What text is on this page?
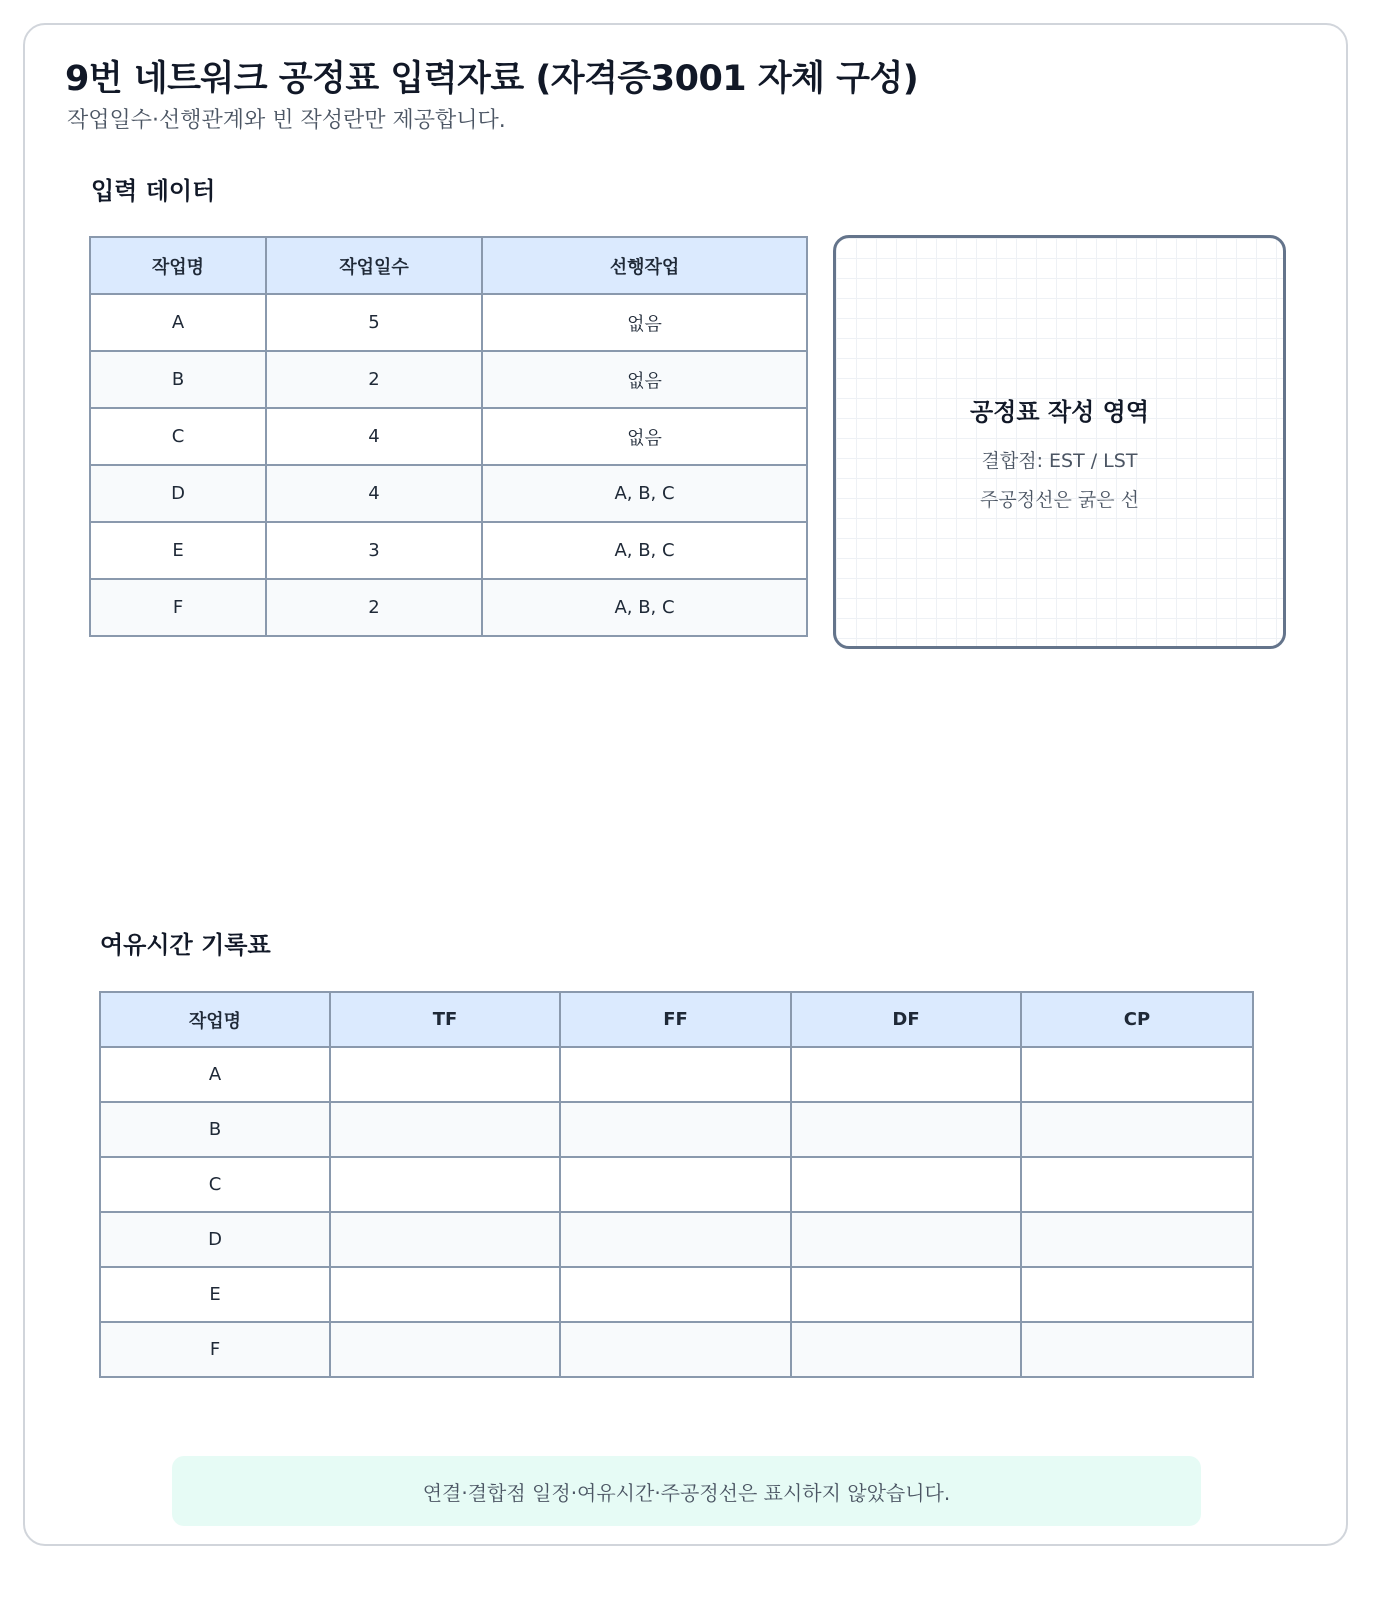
9번 네트워크 공정표 입력자료 (자격증3001 자체 구성)

작업일수·선행관계와 빈 작성란만 제공합니다.

입력 데이터
작업명	작업일수	선행작업
A	5	없음
B	2	없음
C	4	없음
D	4	A, B, C
E	3	A, B, C
F	2	A, B, C

공정표 작성 영역

결합점: EST / LST

주공정선은 굵은 선

여유시간 기록표
작업명	TF	FF	DF	CP
A				
B				
C				
D				
E				
F				
연결·결합점 일정·여유시간·주공정선은 표시하지 않았습니다.
